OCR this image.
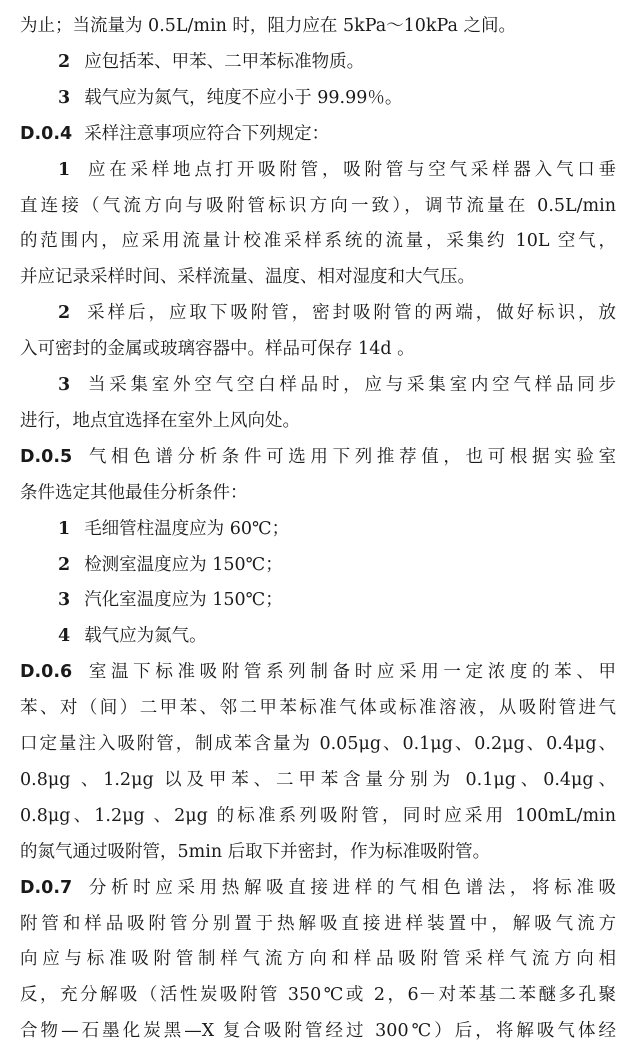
为止；当流量为 0.5L/min 时，阻力应在 5kPa～10kPa 之间。
2 应包括苯、甲苯、二甲苯标准物质。
3 载气应为氮气，纯度不应小于 99.99％。
D.0.4 采样注意事项应符合下列规定：
1 应在采样地点打开吸附管，吸附管与空气采样器入气口垂
直连接（气流方向与吸附管标识方向一致），调节流量在 0.5L/min
的范围内，应采用流量计校准采样系统的流量，采集约 10L 空气，
并应记录采样时间、采样流量、温度、相对湿度和大气压。
2 采样后，应取下吸附管，密封吸附管的两端，做好标识，放
入可密封的金属或玻璃容器中。样品可保存 14d 。
3 当采集室外空气空白样品时，应与采集室内空气样品同步
进行，地点宜选择在室外上风向处。
D.0.5 气相色谱分析条件可选用下列推荐值，也可根据实验室
条件选定其他最佳分析条件：
1 毛细管柱温度应为 60℃；
2 检测室温度应为 150℃；
3 汽化室温度应为 150℃；
4 载气应为氮气。
D.0.6 室温下标准吸附管系列制备时应采用一定浓度的苯、甲
苯、对（间）二甲苯、邻二甲苯标准气体或标准溶液，从吸附管进气
口定量注入吸附管，制成苯含量为 0.05μg、0.1μg、0.2μg、0.4μg、
0.8μg 、1.2μg 以及甲苯、二甲苯含量分别为 0.1μg、0.4μg、
0.8μg、1.2μg 、2μg 的标准系列吸附管，同时应采用 100mL/min
的氮气通过吸附管，5min 后取下并密封，作为标准吸附管。
D.0.7 分析时应采用热解吸直接进样的气相色谱法，将标准吸
附管和样品吸附管分别置于热解吸直接进样装置中，解吸气流方
向应与标准吸附管制样气流方向和样品吸附管采样气流方向相
反，充分解吸（活性炭吸附管 350℃或 2，6－对苯基二苯醚多孔聚
合物—石墨化炭黑—X 复合吸附管经过 300℃）后，将解吸气体经
